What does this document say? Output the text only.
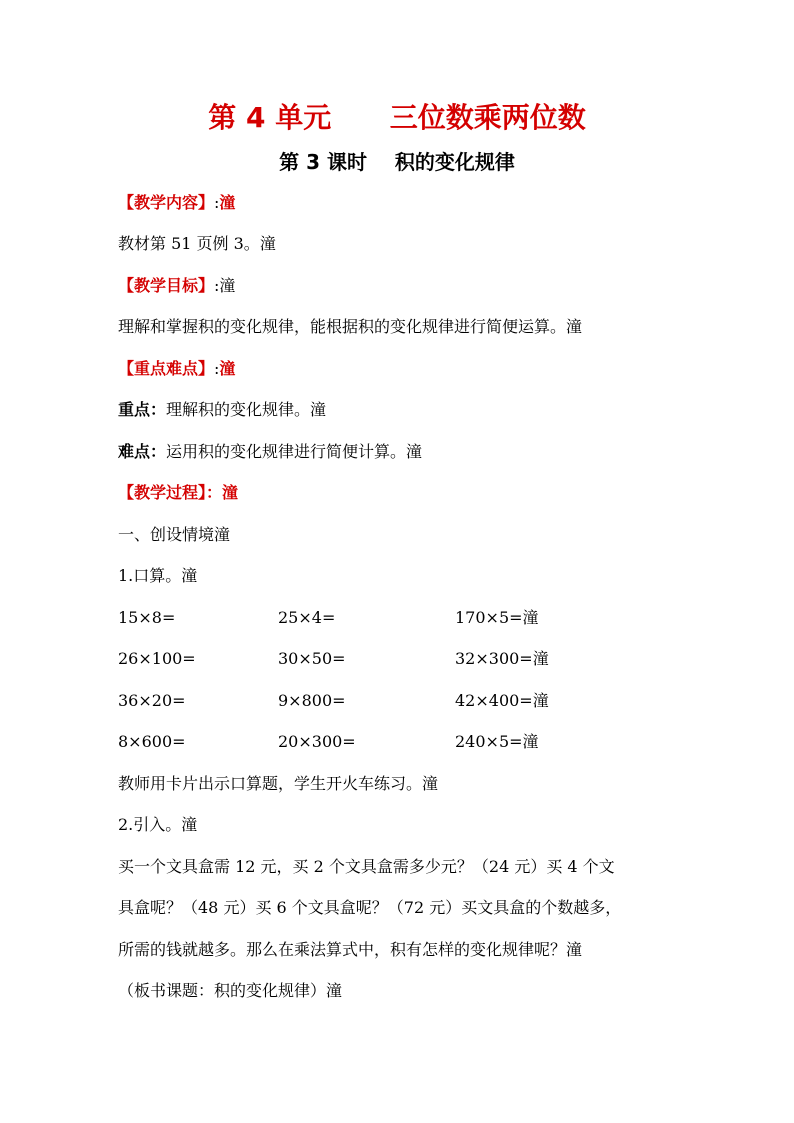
第 4 单元      三位数乘两位数
第 3 课时    积的变化规律
【教学内容】:潼
教材第 51 页例 3。潼
【教学目标】:潼
理解和掌握积的变化规律，能根据积的变化规律进行简便运算。潼
【重点难点】:潼
重点：理解积的变化规律。潼
难点：运用积的变化规律进行简便计算。潼
【教学过程】：潼
一、创设情境潼
1.口算。潼
15×8=	25×4=	170×5=潼
26×100=	30×50=	32×300=潼
36×20=	9×800=	42×400=潼
8×600=	20×300=	240×5=潼
教师用卡片出示口算题，学生开火车练习。潼
2.引入。潼
买一个文具盒需 12 元，买 2 个文具盒需多少元？（24 元）买 4 个文
具盒呢？（48 元）买 6 个文具盒呢？（72 元）买文具盒的个数越多，
所需的钱就越多。那么在乘法算式中，积有怎样的变化规律呢？潼
（板书课题：积的变化规律）潼
